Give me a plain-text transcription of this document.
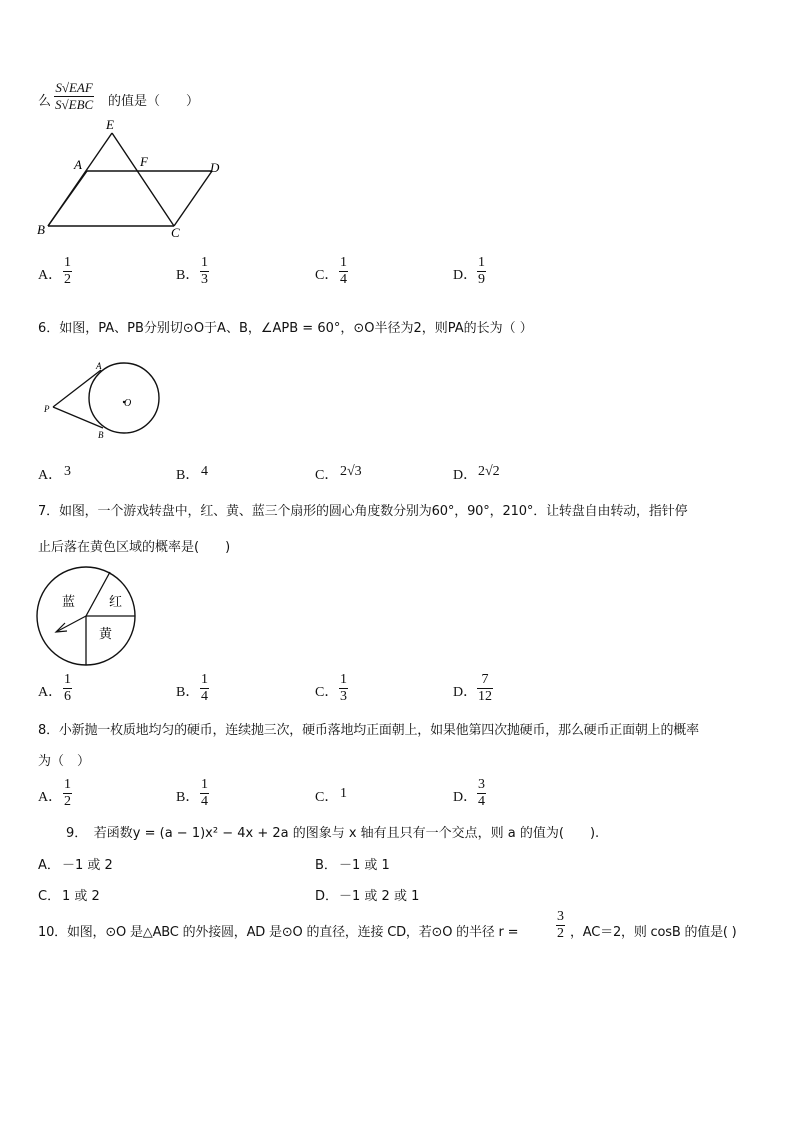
么
S√EAF
S√EBC 的值是（　　）
E
A	F	D
B	C
A． $\frac{1}{2}$	B． $\frac{1}{3}$	C． $\frac{1}{4}$	D． $\frac{1}{9}$
6．如图，PA、PB分别切⊙O于A、B，∠APB = 60°，⊙O半径为2，则PA的长为（ ）
A
P
B
O
A． 3	B． 4	C． 2√3	D． 2√2
7．如图，一个游戏转盘中，红、黄、蓝三个扇形的圆心角度数分别为60°，90°，210°．让转盘自由转动，指针停
止后落在黄色区域的概率是(　　)
蓝	红
黄
A． $\frac{1}{6}$	B． $\frac{1}{4}$	C． $\frac{1}{3}$	D． $\frac{7}{12}$
8．小新抛一枚质地均匀的硬币，连续抛三次，硬币落地均正面朝上，如果他第四次抛硬币，那么硬币正面朝上的概率
为（　）
A． $\frac{1}{2}$	B． $\frac{1}{4}$	C． 1	D． $\frac{3}{4}$
9．　若函数y = (a − 1)x² − 4x + 2a 的图象与 x 轴有且只有一个交点，则 a 的值为(　　).
A． －1 或 2	B． －1 或 1
C． 1 或 2	D． －1 或 2 或 1
10．如图，⊙O 是△ABC 的外接圆，AD 是⊙O 的直径，连接 CD，若⊙O 的半径 r =	$\frac{3}{2}$ ，AC＝2，则 cosB 的值是( )
